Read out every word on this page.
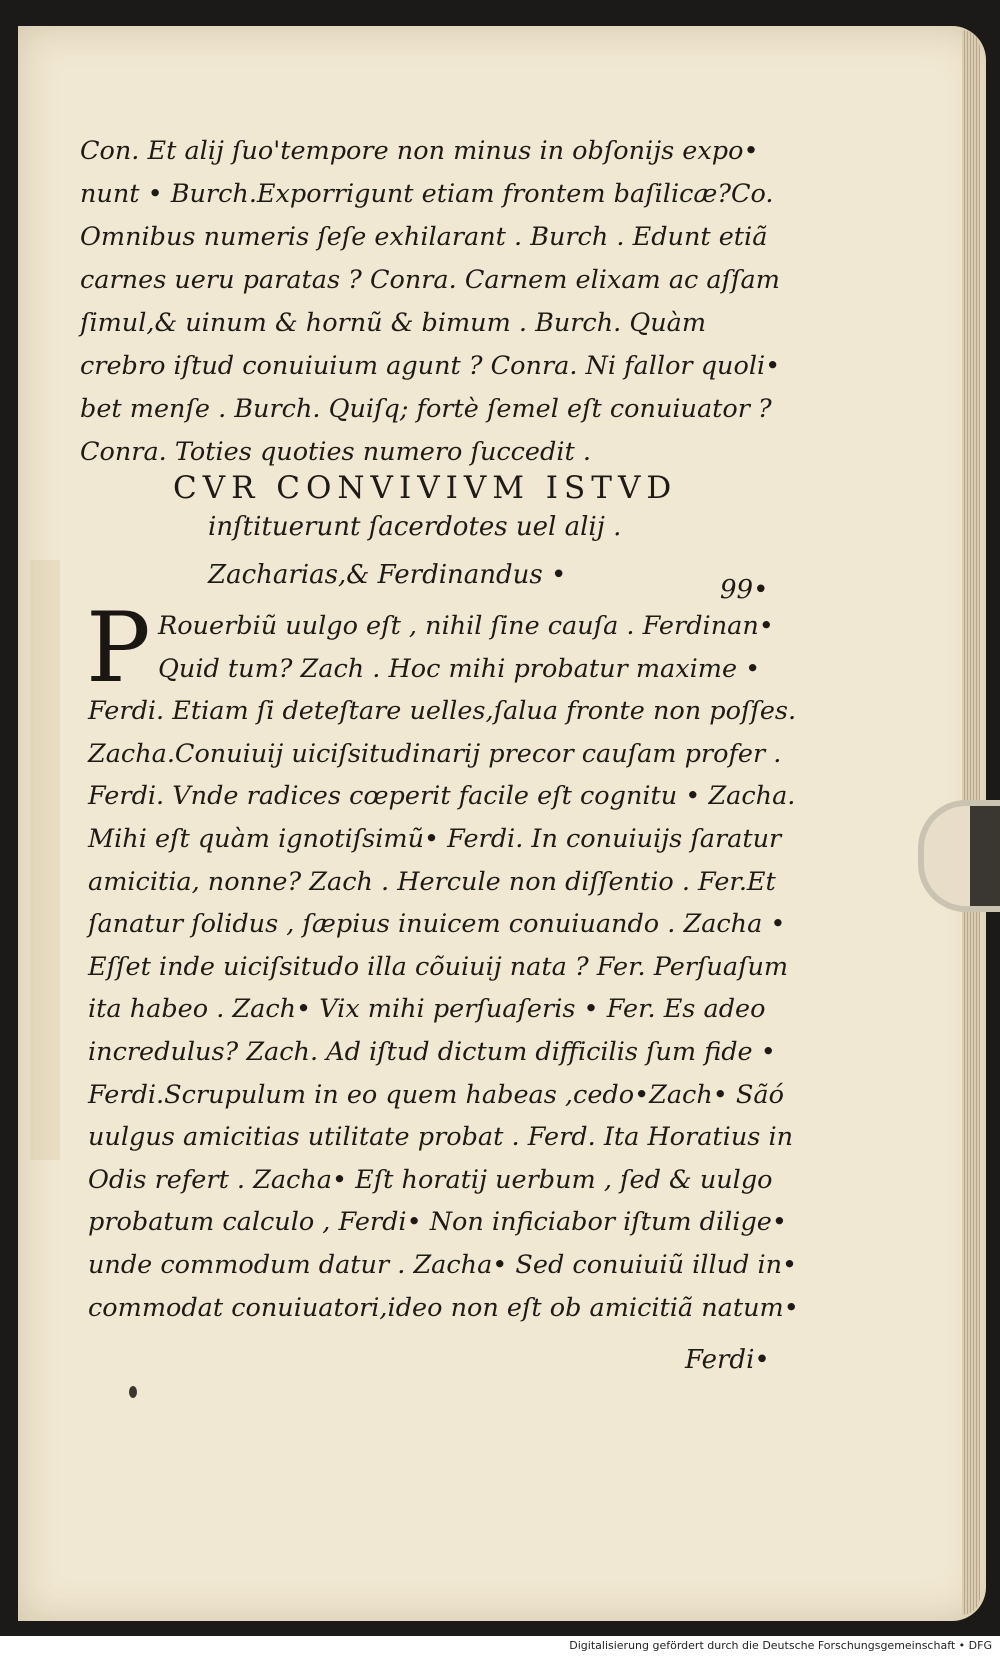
Con. Et alij ſuo'tempore non minus in obſonijs expo•
nunt • Burch.Exporrigunt etiam frontem baſilicæ?Co.
Omnibus numeris ſeſe exhilarant . Burch . Edunt etiã
carnes ueru paratas ? Conra. Carnem elixam ac aſſam
ſimul,& uinum & hornũ & bimum . Burch. Quàm
crebro iſtud conuiuium agunt ? Conra. Ni fallor quoli•
bet menſe . Burch. Quiſq; fortè ſemel eſt conuiuator ?
Conra. Toties quoties numero ſuccedit .
CVR CONVIVIVM ISTVD
inſtituerunt ſacerdotes uel alij .
Zacharias,& Ferdinandus •	99•
P Rouerbiũ uulgo eſt , nihil ſine cauſa . Ferdinan•
Quid tum? Zach . Hoc mihi probatur maxime •
Ferdi. Etiam ſi deteſtare uelles,ſalua fronte non poſſes.
Zacha.Conuiuij uiciſsitudinarij precor cauſam profer .
Ferdi. Vnde radices cœperit facile eſt cognitu • Zacha.
Mihi eſt quàm ignotiſsimũ• Ferdi. In conuiuijs ſaratur
amicitia, nonne? Zach . Hercule non diſſentio . Fer.Et
ſanatur ſolidus , ſæpius inuicem conuiuando . Zacha •
Eſſet inde uiciſsitudo illa cõuiuij nata ? Fer. Perſuaſum
ita habeo . Zach• Vix mihi perſuaſeris • Fer. Es adeo
incredulus? Zach. Ad iſtud dictum difficilis ſum fide •
Ferdi.Scrupulum in eo quem habeas ,cedo•Zach• Sãó
uulgus amicitias utilitate probat . Ferd. Ita Horatius in
Odis refert . Zacha• Eſt horatij uerbum , ſed & uulgo
probatum calculo , Ferdi• Non inficiabor iſtum dilige•
unde commodum datur . Zacha• Sed conuiuiũ illud in•
commodat conuiuatori,ideo non eſt ob amicitiã natum•
Ferdi•
Digitalisierung gefördert durch die Deutsche Forschungsgemeinschaft • DFG
